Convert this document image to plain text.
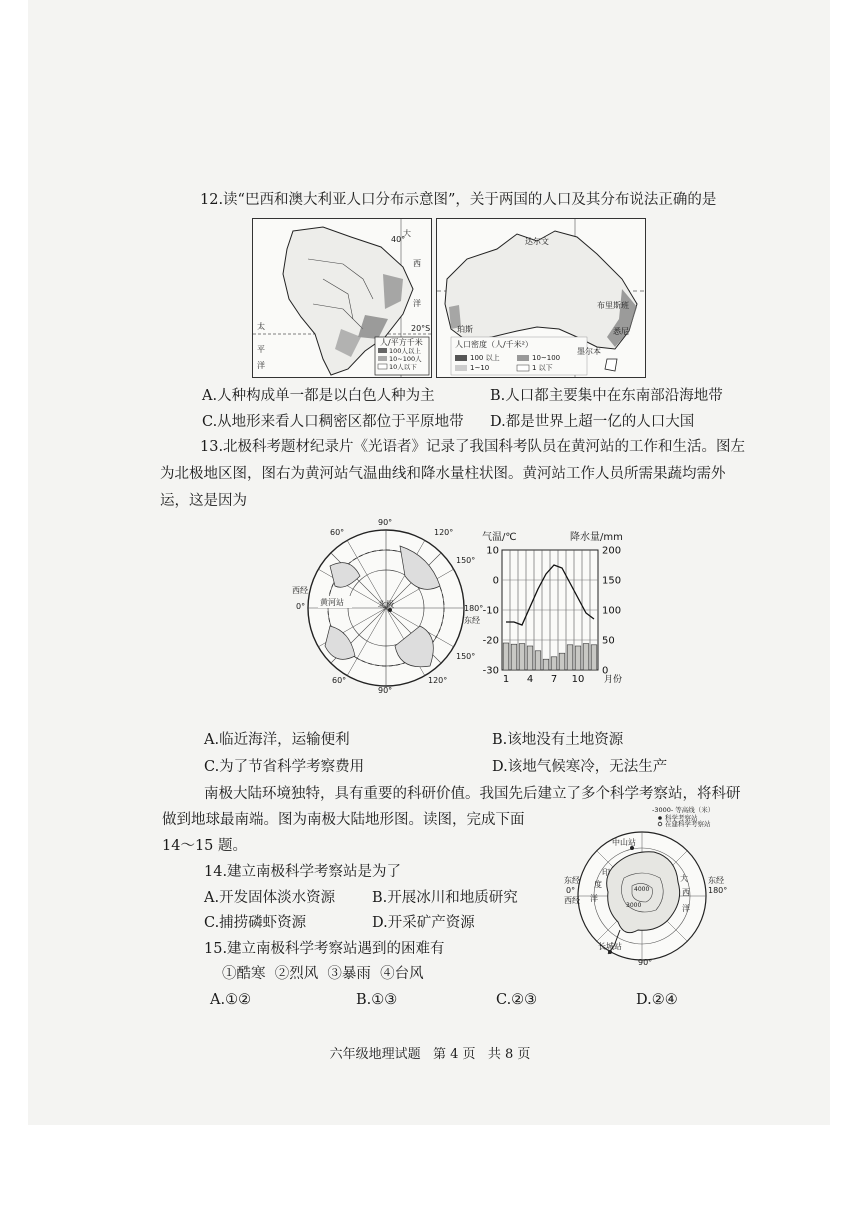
12.读“巴西和澳大利亚人口分布示意图”，关于两国的人口及其分布说法正确的是
大
西
洋
太
平
洋
40°
20°S
人/平方千米
100人以上
10~100人
10人以下
达尔文
布里斯班
悉尼
墨尔本
珀斯
人口密度（人/千米²）
100 以上	10~100
1~10	1 以下
A.人种构成单一都是以白色人种为主	B.人口都主要集中在东南部沿海地带
C.从地形来看人口稠密区都位于平原地带 D.都是世界上超一亿的人口大国
13.北极科考题材纪录片《光语者》记录了我国科考队员在黄河站的工作和生活。图左
为北极地区图，图右为黄河站气温曲线和降水量柱状图。黄河站工作人员所需果蔬均需外
运，这是因为
90°
60°	120°
150°
180°
西经
0°
东经
黄河站	北极
60°
90°
120°
150°
气温/℃	降水量/mm
10
0
-10
-20
-30
200
150
100
50
0
1 4 7 10 月份
A.临近海洋，运输便利	B.该地没有土地资源
C.为了节省科学考察费用	D.该地气候寒冷，无法生产
南极大陆环境独特，具有重要的科研价值。我国先后建立了多个科学考察站，将科研
做到地球最南端。图为南极大陆地形图。读图，完成下面
14～15 题。
-3000- 等高线（米）
科学考察站
在建科学考察站
中山站
印
度
洋
大
西
洋
东经
0°
西经
180°
东经
90°
长城站
4000
3000
14.建立南极科学考察站是为了
A.开发固体淡水资源	B.开展冰川和地质研究
C.捕捞磷虾资源	D.开采矿产资源
15.建立南极科学考察站遇到的困难有
①酷寒  ②烈风  ③暴雨  ④台风
A.①②	B.①③	C.②③	D.②④
六年级地理试题   第 4 页   共 8 页
